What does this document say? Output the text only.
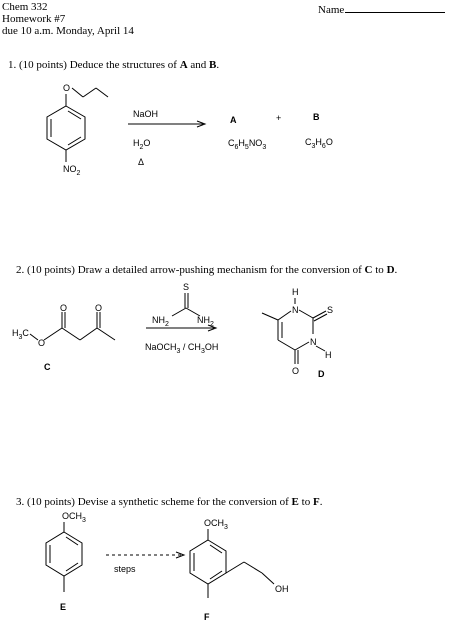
Chem 332
Homework #7
due 10 a.m. Monday, April 14
Name
1. (10 points) Deduce the structures of A and B.
2. (10 points) Draw a detailed arrow-pushing mechanism for the conversion of C to D.
3. (10 points) Devise a synthetic scheme for the conversion of E to F.
O
$NO_2$
NaOH
$H_2O$
Δ
A	+	B
$C_6H_5NO_3$
$C_3H_6O$
$H_3C$
O
O	O
C
S
$NH_2$	$NH_2$
NaOCH$_3$ / $CH_3OH$
H
N	S
N
H
O D
$OCH_3$
E
steps
$OCH_3$
OH
F
